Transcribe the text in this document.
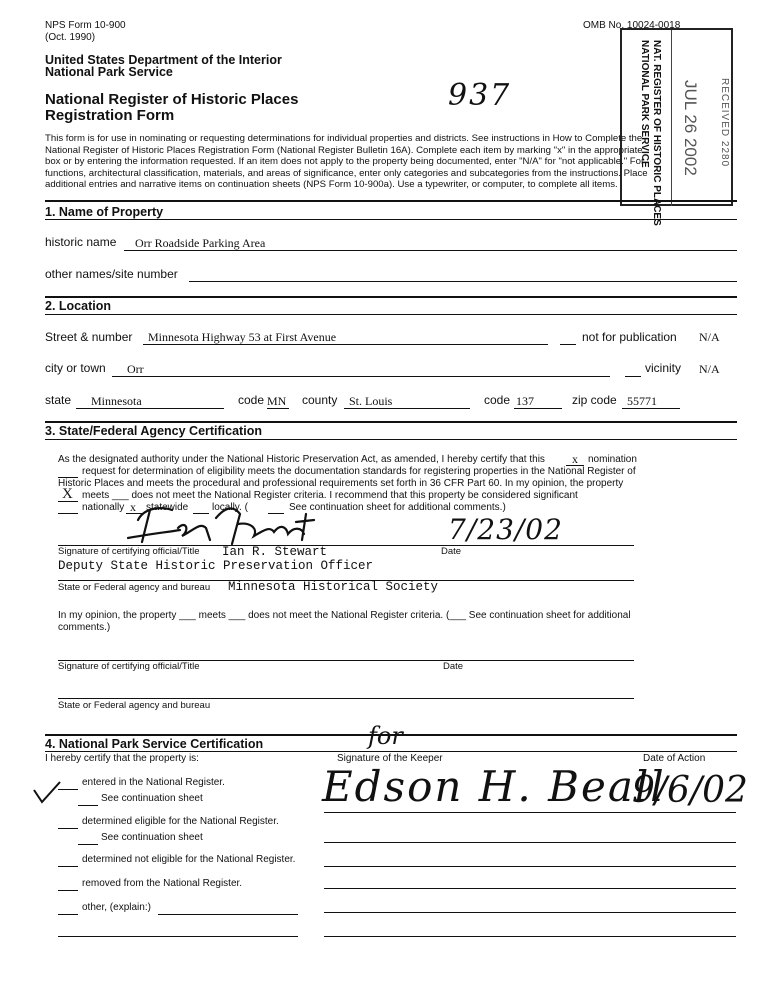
NPS Form 10-900
(Oct. 1990)
OMB No. 10024-0018
United States Department of the Interior
National Park Service
National Register of Historic Places
Registration Form
937
This form is for use in nominating or requesting determinations for individual properties and districts. See instructions in How to Complete the National Register of Historic Places Registration Form (National Register Bulletin 16A). Complete each item by marking "x" in the appropriate box or by entering the information requested. If an item does not apply to the property being documented, enter "N/A" for "not applicable." For functions, architectural classification, materials, and areas of significance, enter only categories and subcategories from the instructions. Place additional entries and narrative items on continuation sheets (NPS Form 10-900a). Use a typewriter, or computer, to complete all items.	NAT. REGISTER OF HISTORIC PLACES
NATIONAL PARK SERVICE JUL 26 2002 RECEIVED 2280
1. Name of Property
historic name Orr Roadside Parking Area
other names/site number
2. Location
Street & number Minnesota Highway 53 at First Avenue	not for publication N/A
city or town Orr	vicinity N/A
state Minnesota	code MN county St. Louis	code 137	zip code 55771
3. State/Federal Agency Certification
As the designated authority under the National Historic Preservation Act, as amended, I hereby certify that this x nomination
request for determination of eligibility meets the documentation standards for registering properties in the National Register of
Historic Places and meets the procedural and professional requirements set forth in 36 CFR Part 60. In my opinion, the property
X meets ___ does not meet the National Register criteria. I recommend that this property be considered significant
nationally x statewide locally. (	See continuation sheet for additional comments.)
7/23/02
Signature of certifying official/Title Ian R. Stewart	Date
Deputy State Historic Preservation Officer
State or Federal agency and bureau Minnesota Historical Society
In my opinion, the property ___ meets ___ does not meet the National Register criteria. (___ See continuation sheet for additional
comments.)
Signature of certifying official/Title	Date
State or Federal agency and bureau
4. National Park Service Certification
I hereby certify that the property is:	Signature of the Keeper	Date of Action
for
Edson H. Beall
9/6/02
entered in the National Register.
See continuation sheet
determined eligible for the National Register.
See continuation sheet
determined not eligible for the National Register.
removed from the National Register.
other, (explain:)
